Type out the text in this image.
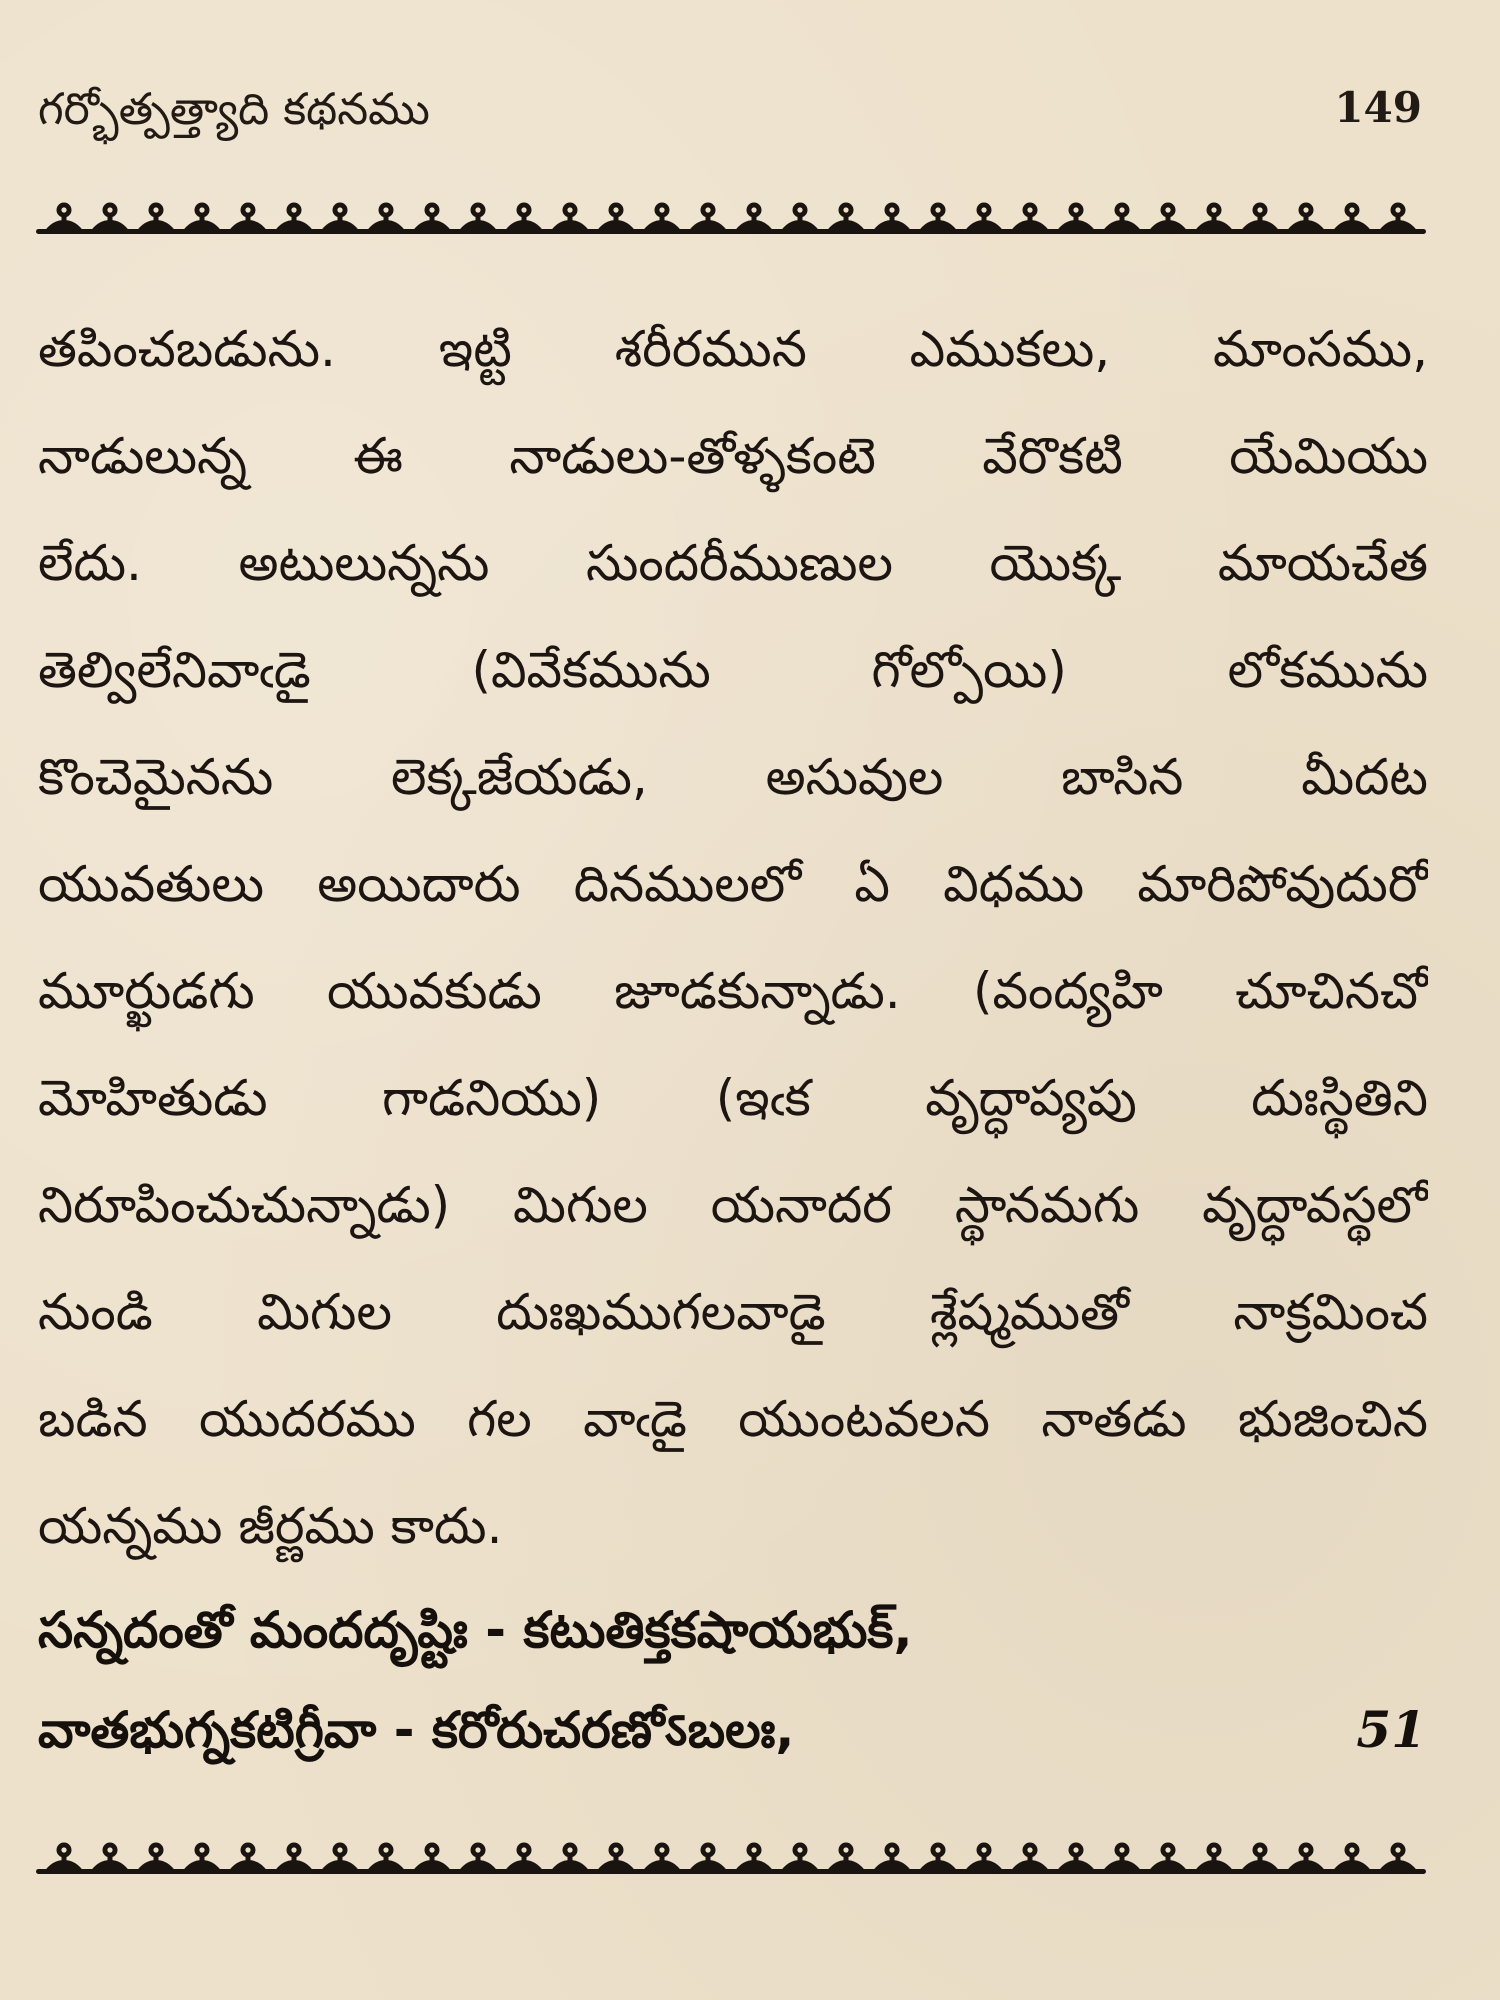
గర్భోత్పత్త్యాది కథనము	149
తపించబడును. ఇట్టి శరీరమున ఎముకలు, మాంసము,
నాడులున్న ఈ నాడులు-తోళ్ళకంటె వేరొకటి యేమియు
లేదు. అటులున్నను సుందరీముణుల యొక్క మాయచేత
తెల్విలేనివాఁడై (వివేకమును గోల్పోయి) లోకమును
కొంచెమైనను లెక్కజేయడు, అసువుల బాసిన మీదట
యువతులు అయిదారు దినములలో ఏ విధము మారిపోవుదురో
మూర్ఖుడగు యువకుడు జూడకున్నాడు. (వంద్యహి చూచినచో
మోహితుడు గాడనియు) (ఇఁక వృద్ధాప్యపు దుఃస్థితిని
నిరూపించుచున్నాడు) మిగుల యనాదర స్థానమగు వృద్ధావస్థలో
నుండి మిగుల దుఃఖముగలవాడై శ్లేష్మముతో నాక్రమించ
బడిన యుదరము గల వాఁడై యుంటవలన నాతడు భుజించిన
యన్నము జీర్ణము కాదు.
సన్నదంతో మందదృష్టిః - కటుతిక్తకషాయభుక్,
వాతభుగ్నకటిగ్రీవా - కరోరుచరణోऽబలః,	51
